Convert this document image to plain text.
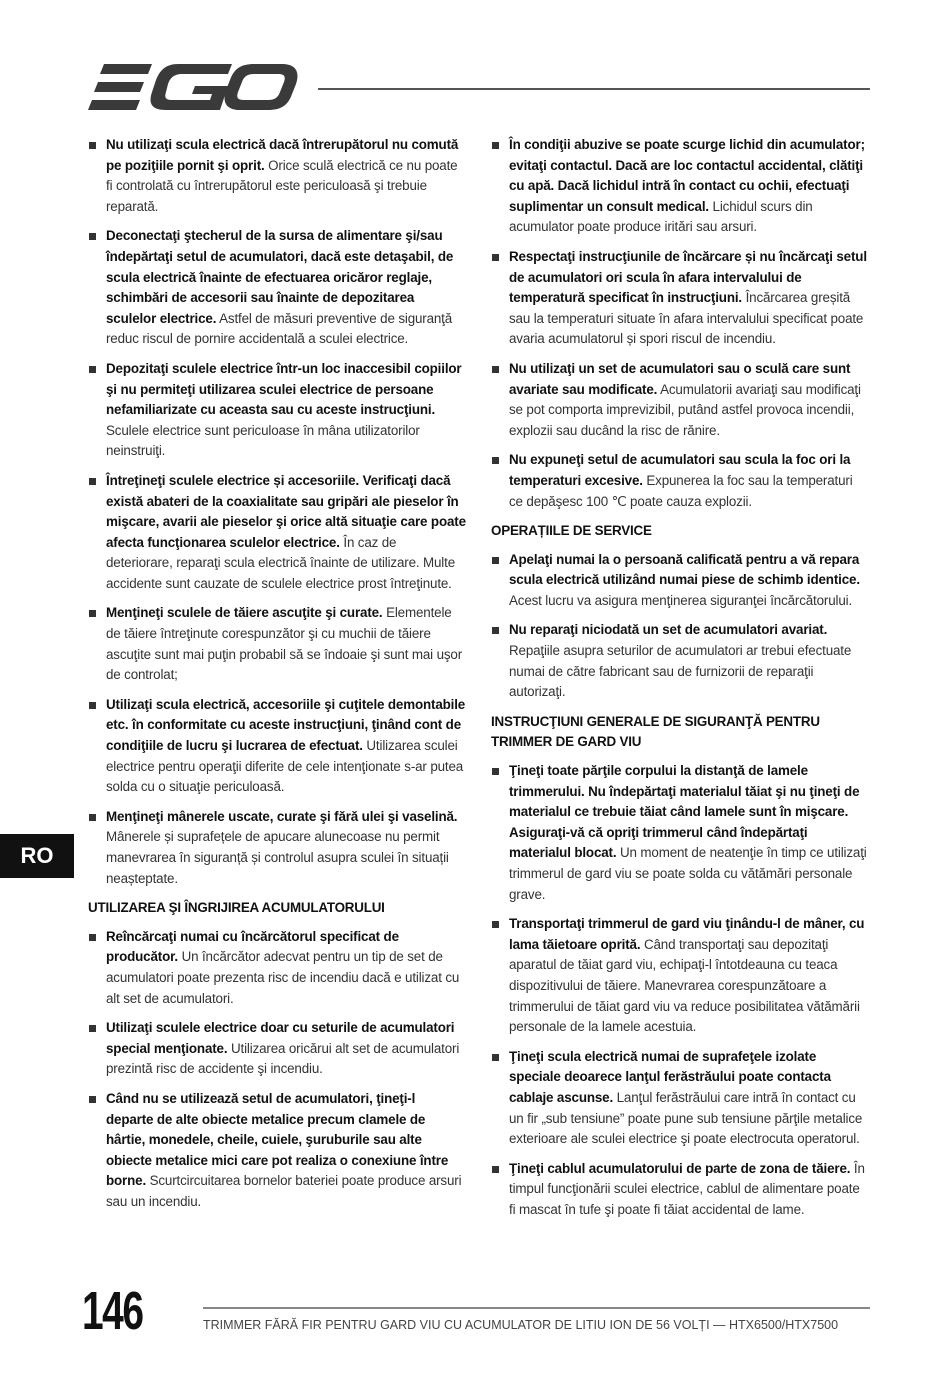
Nu utilizaţi scula electrică dacă întrerupătorul nu comută pe poziţiile pornit şi oprit. Orice sculă electrică ce nu poate fi controlată cu întrerupătorul este periculoasă şi trebuie reparată.
Deconectaţi ştecherul de la sursa de alimentare şi/sau îndepărtaţi setul de acumulatori, dacă este detaşabil, de scula electrică înainte de efectuarea oricăror reglaje, schimbări de accesorii sau înainte de depozitarea sculelor electrice. Astfel de măsuri preventive de siguranţă reduc riscul de pornire accidentală a sculei electrice.
Depozitaţi sculele electrice într-un loc inaccesibil copiilor şi nu permiteţi utilizarea sculei electrice de persoane nefamiliarizate cu aceasta sau cu aceste instrucţiuni. Sculele electrice sunt periculoase în mâna utilizatorilor neinstruiţi.
Întreţineţi sculele electrice și accesoriile. Verificaţi dacă există abateri de la coaxialitate sau gripări ale pieselor în mişcare, avarii ale pieselor şi orice altă situaţie care poate afecta funcţionarea sculelor electrice. În caz de deteriorare, reparaţi scula electrică înainte de utilizare. Multe accidente sunt cauzate de sculele electrice prost întreţinute.
Menţineţi sculele de tăiere ascuţite şi curate. Elementele de tăiere întreţinute corespunzător şi cu muchii de tăiere ascuţite sunt mai puţin probabil să se îndoaie şi sunt mai uşor de controlat;
Utilizaţi scula electrică, accesoriile şi cuţitele demontabile etc. în conformitate cu aceste instrucţiuni, ţinând cont de condiţiile de lucru şi lucrarea de efectuat. Utilizarea sculei electrice pentru operaţii diferite de cele intenţionate s-ar putea solda cu o situaţie periculoasă.
Menţineţi mânerele uscate, curate şi fără ulei şi vaselină. Mânerele și suprafețele de apucare alunecoase nu permit manevrarea în siguranță și controlul asupra sculei în situații neașteptate.
UTILIZAREA ŞI ÎNGRIJIREA ACUMULATORULUI
Reîncărcaţi numai cu încărcătorul specificat de producător. Un încărcător adecvat pentru un tip de set de acumulatori poate prezenta risc de incendiu dacă e utilizat cu alt set de acumulatori.
Utilizaţi sculele electrice doar cu seturile de acumulatori special menţionate. Utilizarea oricărui alt set de acumulatori prezintă risc de accidente şi incendiu.
Când nu se utilizează setul de acumulatori, ţineţi-l departe de alte obiecte metalice precum clamele de hârtie, monedele, cheile, cuiele, şuruburile sau alte obiecte metalice mici care pot realiza o conexiune între borne. Scurtcircuitarea bornelor bateriei poate produce arsuri sau un incendiu.
În condiţii abuzive se poate scurge lichid din acumulator; evitaţi contactul. Dacă are loc contactul accidental, clătiţi cu apă. Dacă lichidul intră în contact cu ochii, efectuaţi suplimentar un consult medical. Lichidul scurs din acumulator poate produce iritări sau arsuri.
Respectaţi instrucţiunile de încărcare și nu încărcaţi setul de acumulatori ori scula în afara intervalului de temperatură specificat în instrucţiuni. Încărcarea greșită sau la temperaturi situate în afara intervalului specificat poate avaria acumulatorul și spori riscul de incendiu.
Nu utilizaţi un set de acumulatori sau o sculă care sunt avariate sau modificate. Acumulatorii avariaţi sau modificaţi se pot comporta imprevizibil, putând astfel provoca incendii, explozii sau ducând la risc de rănire.
Nu expuneţi setul de acumulatori sau scula la foc ori la temperaturi excesive. Expunerea la foc sau la temperaturi ce depăşesc 100 ℃ poate cauza explozii.
OPERAȚIILE DE SERVICE
Apelaţi numai la o persoană calificată pentru a vă repara scula electrică utilizând numai piese de schimb identice. Acest lucru va asigura menţinerea siguranţei încărcătorului.
Nu reparaţi niciodată un set de acumulatori avariat. Repaţiile asupra seturilor de acumulatori ar trebui efectuate numai de către fabricant sau de furnizorii de reparaţii autorizaţi.
INSTRUCŢIUNI GENERALE DE SIGURANŢĂ PENTRU TRIMMER DE GARD VIU
Ţineţi toate părţile corpului la distanţă de lamele trimmerului. Nu îndepărtaţi materialul tăiat şi nu ţineţi de materialul ce trebuie tăiat când lamele sunt în mişcare. Asiguraţi-vă că opriţi trimmerul când îndepărtaţi materialul blocat. Un moment de neatenţie în timp ce utilizaţi trimmerul de gard viu se poate solda cu vătămări personale grave.
Transportaţi trimmerul de gard viu ţinându-l de mâner, cu lama tăietoare oprită. Când transportaţi sau depozitaţi aparatul de tăiat gard viu, echipaţi-l întotdeauna cu teaca dispozitivului de tăiere. Manevrarea corespunzătoare a trimmerului de tăiat gard viu va reduce posibilitatea vătămării personale de la lamele acestuia.
Ţineţi scula electrică numai de suprafeţele izolate speciale deoarece lanţul ferăstrăului poate contacta cablaje ascunse. Lanţul ferăstrăului care intră în contact cu un fir „sub tensiune” poate pune sub tensiune părţile metalice exterioare ale sculei electrice şi poate electrocuta operatorul.
Ţineţi cablul acumulatorului de parte de zona de tăiere. În timpul funcţionării sculei electrice, cablul de alimentare poate fi mascat în tufe şi poate fi tăiat accidental de lame.
RO
146	TRIMMER FĂRĂ FIR PENTRU GARD VIU CU ACUMULATOR DE LITIU ION DE 56 VOLȚI — HTX6500/HTX7500
